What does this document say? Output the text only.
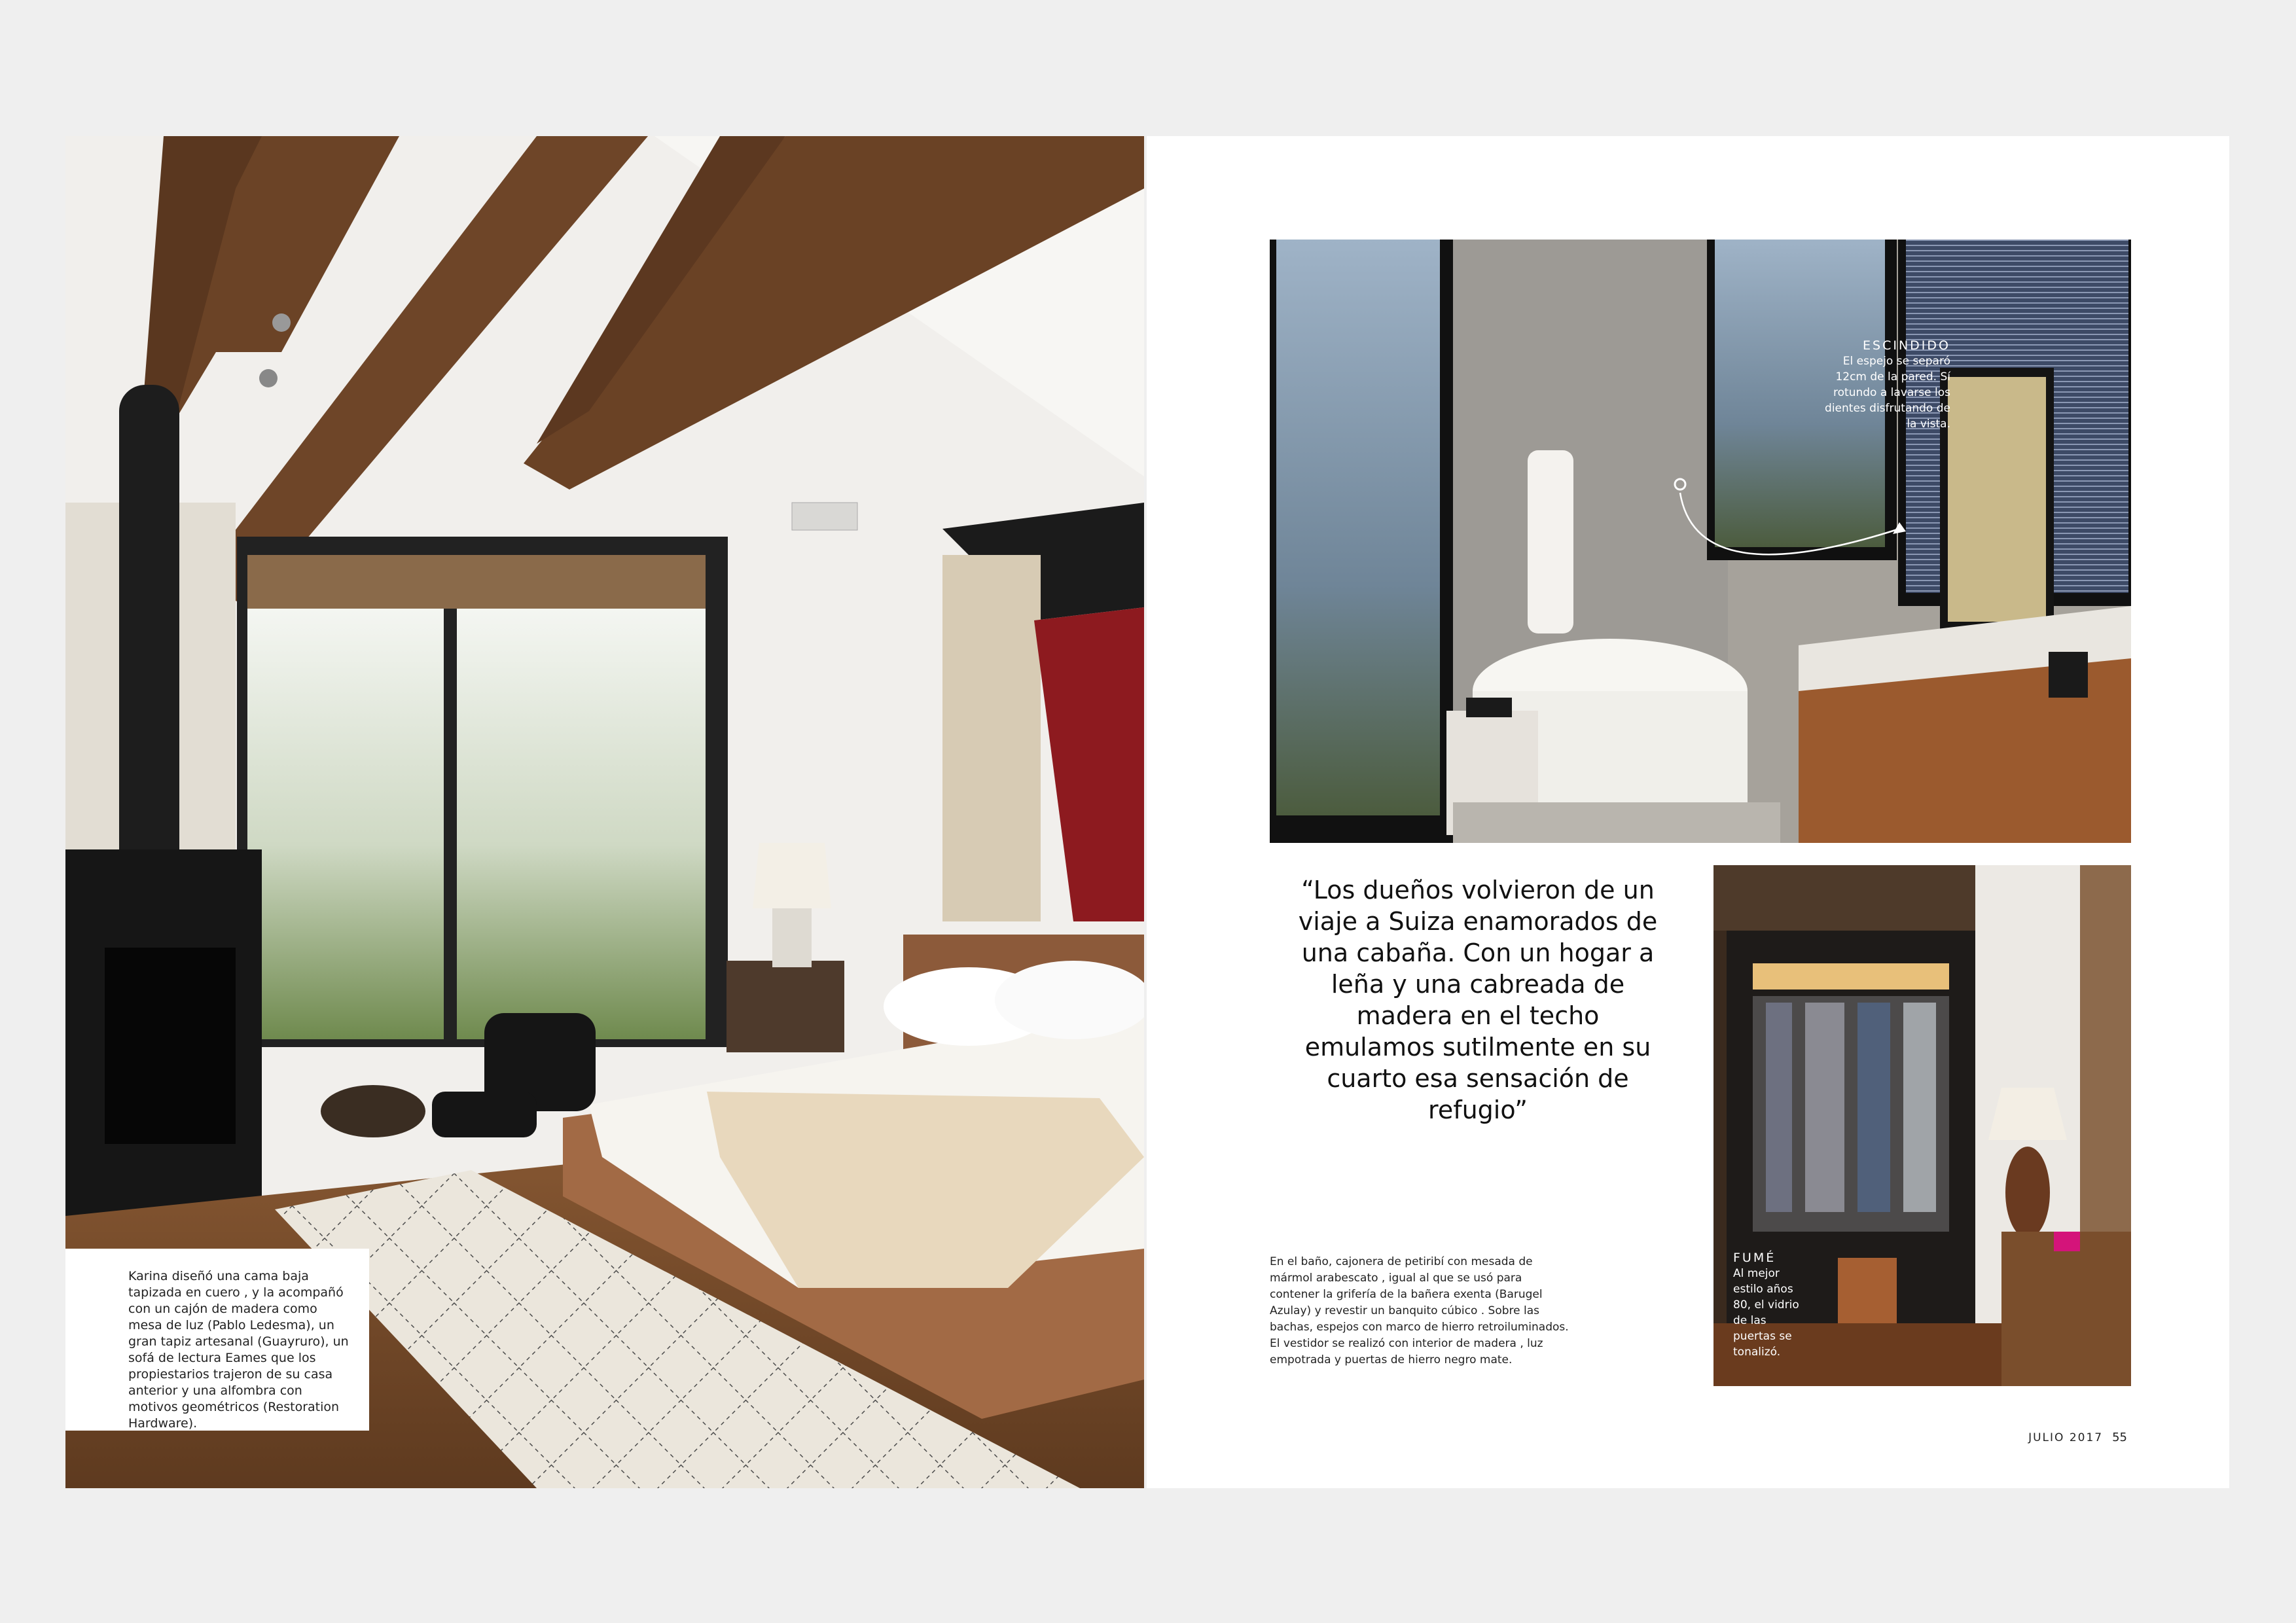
Karina diseñó una cama baja tapizada en cuero , y la acompañó con un cajón de madera como mesa de luz (Pablo Ledesma), un gran tapiz artesanal (Guayruro), un sofá de lectura Eames que los propiestarios trajeron de su casa anterior y una alfombra con motivos geométricos (Restoration Hardware).
ESCINDIDO
El espejo se separó 12cm de la pared. Sí rotundo a lavarse los dientes disfrutando de la vista.
“Los dueños volvieron de un viaje a Suiza enamorados de una cabaña. Con un hogar a leña y una cabreada de madera en el techo emulamos sutilmente en su cuarto esa sensación de refugio”
En el baño, cajonera de petiribí con mesada de mármol arabescato , igual al que se usó para contener la grifería de la bañera exenta (Barugel Azulay) y revestir un banquito cúbico . Sobre las bachas, espejos con marco de hierro retroiluminados. El vestidor se realizó con interior de madera , luz empotrada y puertas de hierro negro mate.
FUMÉ
Al mejor estilo años 80, el vidrio de las puertas se tonalizó.
JULIO 2017 55
